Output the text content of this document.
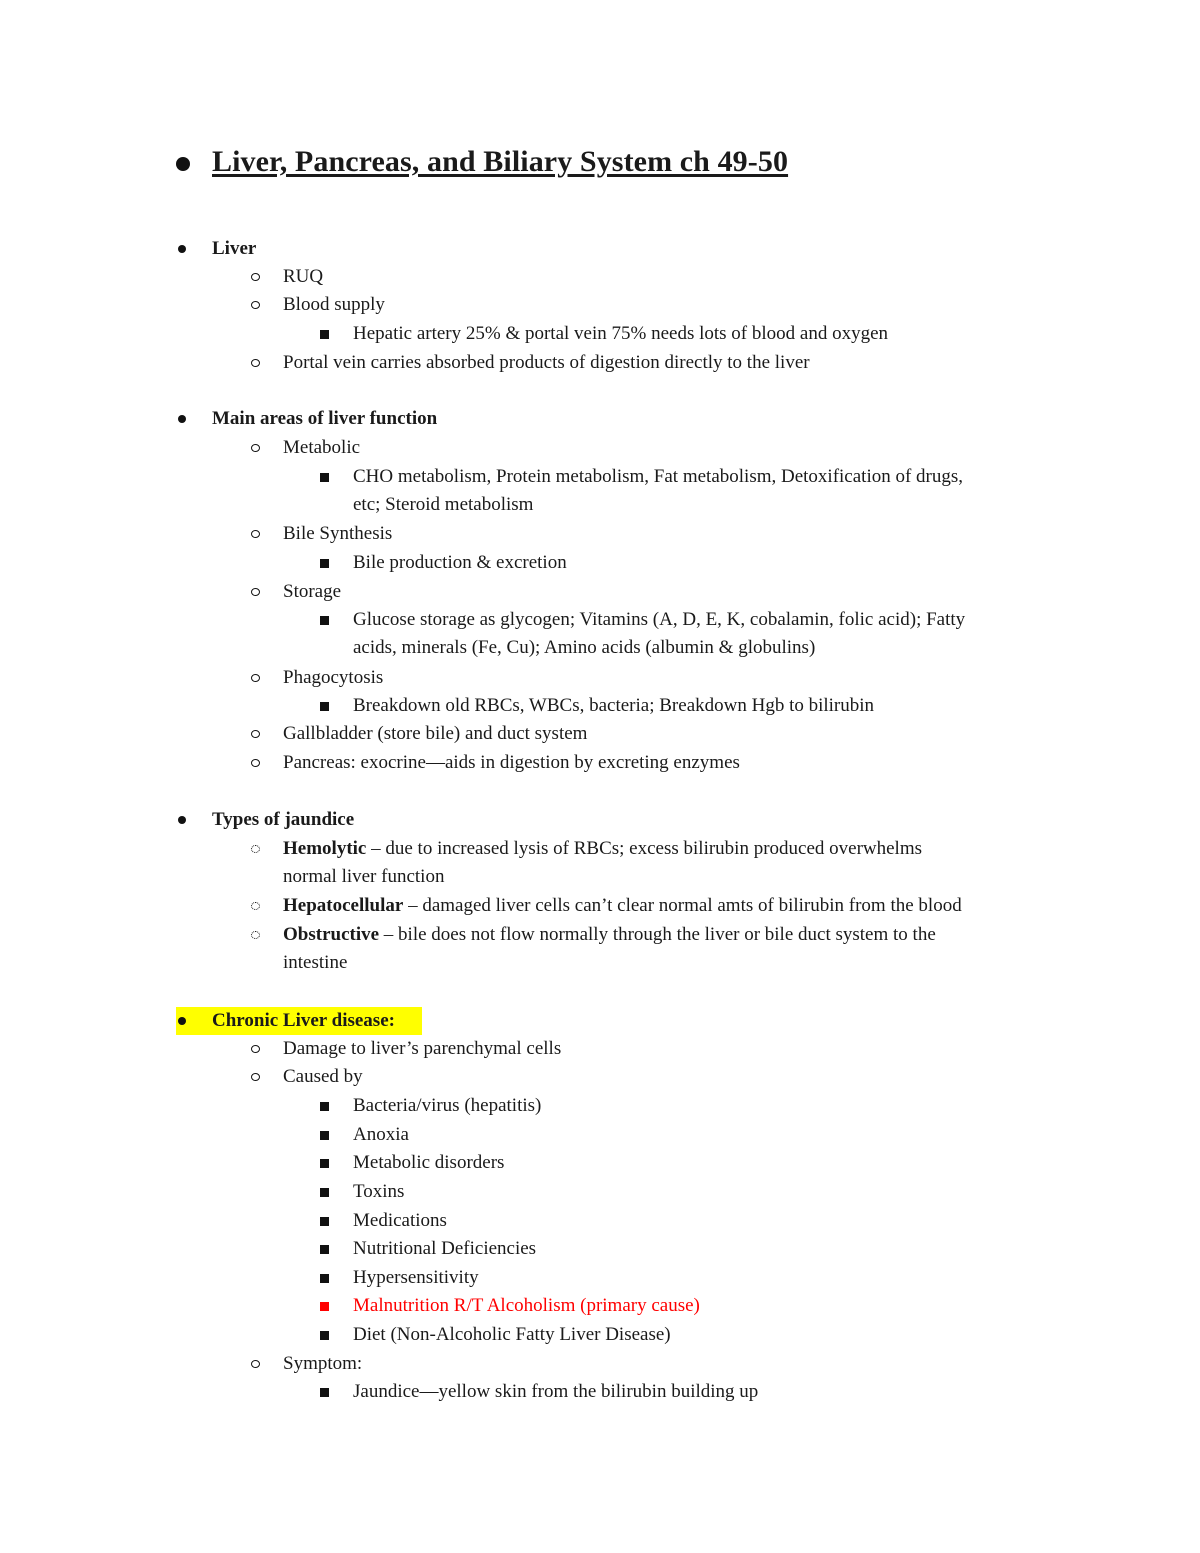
Liver, Pancreas, and Biliary System ch 49-50
Liver
RUQ
Blood supply
Hepatic artery 25% & portal vein 75% needs lots of blood and oxygen
Portal vein carries absorbed products of digestion directly to the liver
Main areas of liver function
Metabolic
CHO metabolism, Protein metabolism, Fat metabolism, Detoxification of drugs,
etc; Steroid metabolism
Bile Synthesis
Bile production & excretion
Storage
Glucose storage as glycogen; Vitamins (A, D, E, K, cobalamin, folic acid); Fatty
acids, minerals (Fe, Cu); Amino acids (albumin & globulins)
Phagocytosis
Breakdown old RBCs, WBCs, bacteria; Breakdown Hgb to bilirubin
Gallbladder (store bile) and duct system
Pancreas: exocrine—aids in digestion by excreting enzymes
Types of jaundice
Hemolytic – due to increased lysis of RBCs; excess bilirubin produced overwhelms
normal liver function
Hepatocellular – damaged liver cells can’t clear normal amts of bilirubin from the blood
Obstructive – bile does not flow normally through the liver or bile duct system to the
intestine
Chronic Liver disease:
Damage to liver’s parenchymal cells
Caused by
Bacteria/virus (hepatitis)
Anoxia
Metabolic disorders
Toxins
Medications
Nutritional Deficiencies
Hypersensitivity
Malnutrition R/T Alcoholism (primary cause)
Diet (Non-Alcoholic Fatty Liver Disease)
Symptom:
Jaundice—yellow skin from the bilirubin building up
